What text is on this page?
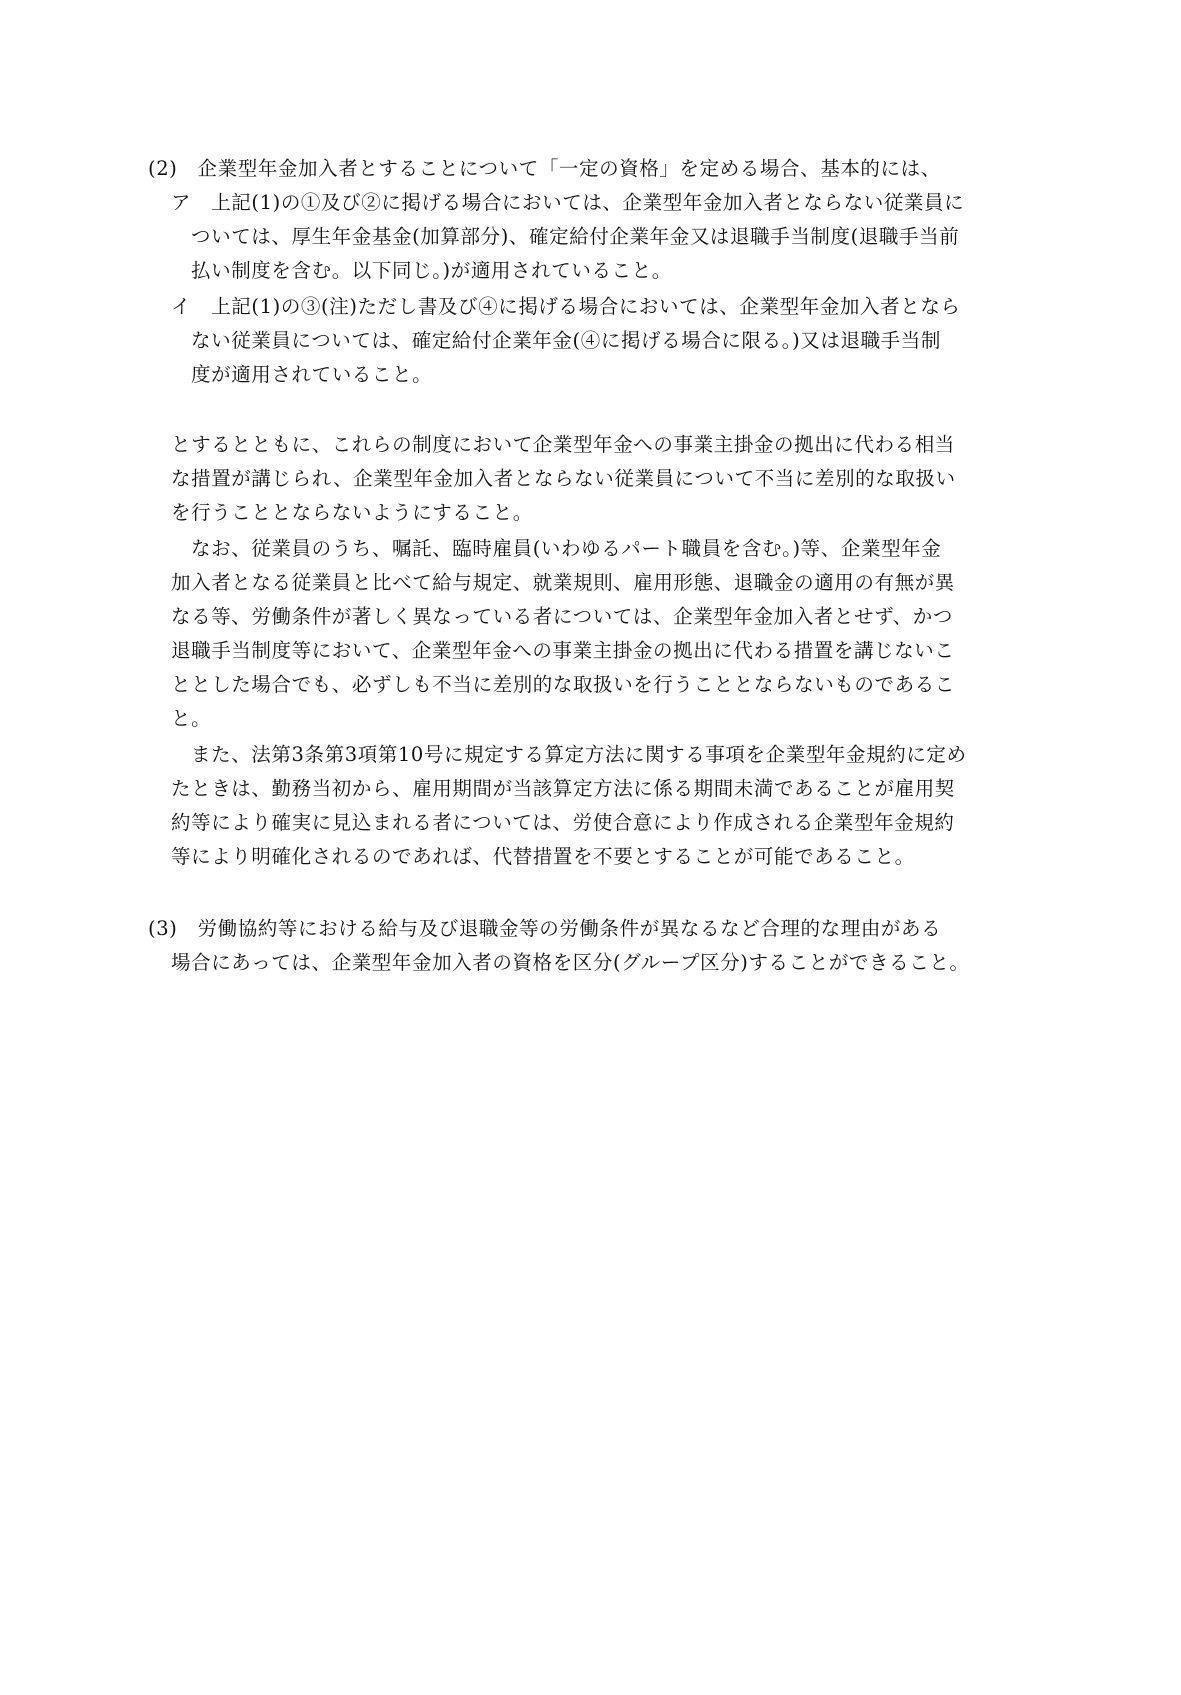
(2)　企業型年金加入者とすることについて「一定の資格」を定める場合、基本的には、
ア　上記(1)の①及び②に掲げる場合においては、企業型年金加入者とならない従業員に
ついては、厚生年金基金(加算部分)、確定給付企業年金又は退職手当制度(退職手当前
払い制度を含む。以下同じ。)が適用されていること。
イ　上記(1)の③(注)ただし書及び④に掲げる場合においては、企業型年金加入者となら
ない従業員については、確定給付企業年金(④に掲げる場合に限る。)又は退職手当制
度が適用されていること。
とするとともに、これらの制度において企業型年金への事業主掛金の拠出に代わる相当
な措置が講じられ、企業型年金加入者とならない従業員について不当に差別的な取扱い
を行うこととならないようにすること。
なお、従業員のうち、嘱託、臨時雇員(いわゆるパート職員を含む。)等、企業型年金
加入者となる従業員と比べて給与規定、就業規則、雇用形態、退職金の適用の有無が異
なる等、労働条件が著しく異なっている者については、企業型年金加入者とせず、かつ
退職手当制度等において、企業型年金への事業主掛金の拠出に代わる措置を講じないこ
ととした場合でも、必ずしも不当に差別的な取扱いを行うこととならないものであるこ
と。
また、法第3条第3項第10号に規定する算定方法に関する事項を企業型年金規約に定め
たときは、勤務当初から、雇用期間が当該算定方法に係る期間未満であることが雇用契
約等により確実に見込まれる者については、労使合意により作成される企業型年金規約
等により明確化されるのであれば、代替措置を不要とすることが可能であること。
(3)　労働協約等における給与及び退職金等の労働条件が異なるなど合理的な理由がある
場合にあっては、企業型年金加入者の資格を区分(グループ区分)することができること。
